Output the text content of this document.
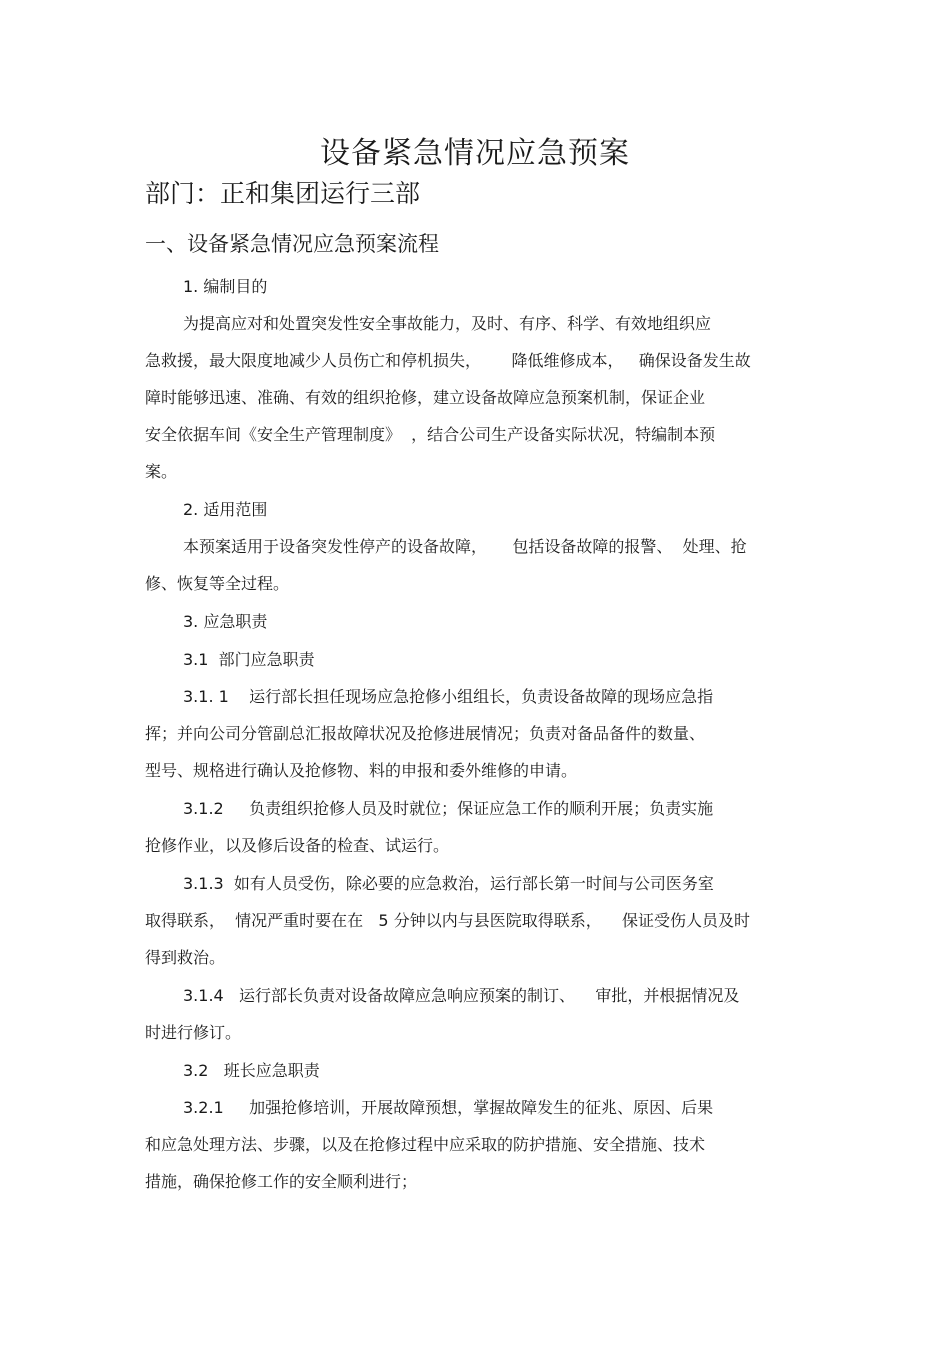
设备紧急情况应急预案
部门：正和集团运行三部
一、设备紧急情况应急预案流程
1. 编制目的
为提高应对和处置突发性安全事故能力，及时、有序、科学、有效地组织应
急救援，最大限度地减少人员伤亡和停机损失，      降低维修成本，   确保设备发生故
障时能够迅速、准确、有效的组织抢修，建立设备故障应急预案机制，保证企业
安全依据车间《安全生产管理制度》  ，结合公司生产设备实际状况，特编制本预
案。
2. 适用范围
本预案适用于设备突发性停产的设备故障，     包括设备故障的报警、  处理、抢
修、恢复等全过程。
3. 应急职责
3.1  部门应急职责
3.1. 1    运行部长担任现场应急抢修小组组长，负责设备故障的现场应急指
挥；并向公司分管副总汇报故障状况及抢修进展情况；负责对备品备件的数量、
型号、规格进行确认及抢修物、料的申报和委外维修的申请。
3.1.2     负责组织抢修人员及时就位；保证应急工作的顺利开展；负责实施
抢修作业，以及修后设备的检查、试运行。
3.1.3  如有人员受伤，除必要的应急救治，运行部长第一时间与公司医务室
取得联系，  情况严重时要在在   5 分钟以内与县医院取得联系，    保证受伤人员及时
得到救治。
3.1.4   运行部长负责对设备故障应急响应预案的制订、    审批，并根据情况及
时进行修订。
3.2   班长应急职责
3.2.1     加强抢修培训，开展故障预想，掌握故障发生的征兆、原因、后果
和应急处理方法、步骤，以及在抢修过程中应采取的防护措施、安全措施、技术
措施，确保抢修工作的安全顺利进行；
